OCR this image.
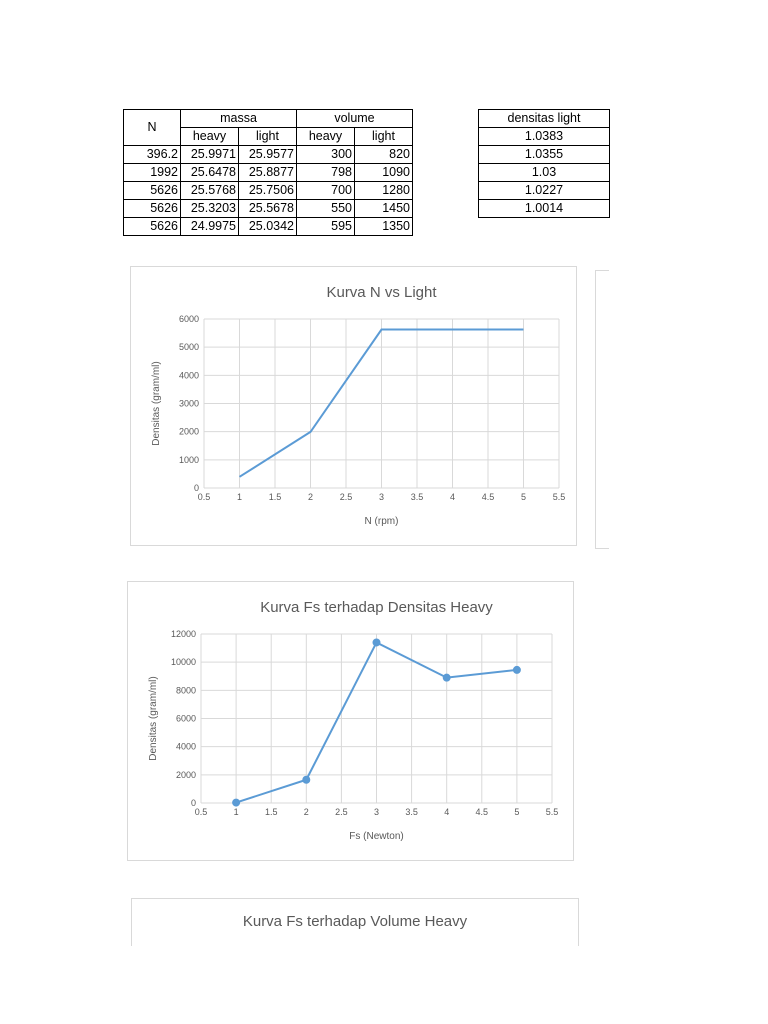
N	massa		volume	
	heavy	light	heavy	light
396.2	25.9971	25.9577	300	820
1992	25.6478	25.8877	798	1090
5626	25.5768	25.7506	700	1280
5626	25.3203	25.5678	550	1450
5626	24.9975	25.0342	595	1350
densitas light
1.0383
1.0355
1.03
1.0227
1.0014
Kurva N vs Light
0
1000
2000
3000
4000
5000
6000
0.5	1	1.5	2	2.5	3	3.5	4	4.5	5	5.5
N (rpm)
Densitas (gram/ml)
Kurva Fs terhadap Densitas Heavy
0
2000
4000
6000
8000
10000
12000
0.5	1	1.5	2	2.5	3	3.5	4	4.5	5	5.5
Fs (Newton)
Densitas (gram/ml)
Kurva Fs terhadap Volume Heavy
